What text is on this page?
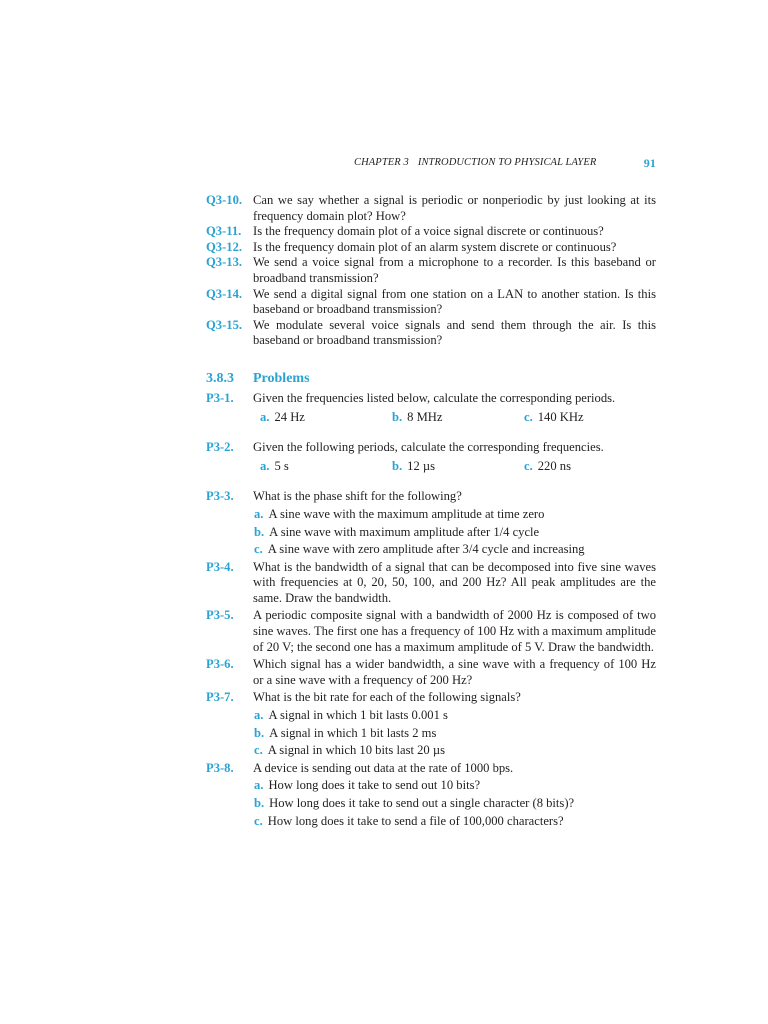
CHAPTER 3 INTRODUCTION TO PHYSICAL LAYER	91

Q3-10. Can we say whether a signal is periodic or nonperiodic by just looking at its frequency domain plot? How?

Q3-11. Is the frequency domain plot of a voice signal discrete or continuous?

Q3-12. Is the frequency domain plot of an alarm system discrete or continuous?

Q3-13. We send a voice signal from a microphone to a recorder. Is this baseband or broadband transmission?

Q3-14. We send a digital signal from one station on a LAN to another station. Is this baseband or broadband transmission?

Q3-15. We modulate several voice signals and send them through the air. Is this baseband or broadband transmission?

3.8.3 Problems

P3-1. Given the frequencies listed below, calculate the corresponding periods.

a. 24 Hz	b. 8 MHz	c. 140 KHz

P3-2. Given the following periods, calculate the corresponding frequencies.

a. 5 s	b. 12 µs	c. 220 ns

P3-3. What is the phase shift for the following?

a. A sine wave with the maximum amplitude at time zero
b. A sine wave with maximum amplitude after 1/4 cycle
c. A sine wave with zero amplitude after 3/4 cycle and increasing

P3-4. What is the bandwidth of a signal that can be decomposed into five sine waves with frequencies at 0, 20, 50, 100, and 200 Hz? All peak amplitudes are the same. Draw the bandwidth.

P3-5. A periodic composite signal with a bandwidth of 2000 Hz is composed of two sine waves. The first one has a frequency of 100 Hz with a maximum amplitude of 20 V; the second one has a maximum amplitude of 5 V. Draw the bandwidth.

P3-6. Which signal has a wider bandwidth, a sine wave with a frequency of 100 Hz or a sine wave with a frequency of 200 Hz?

P3-7. What is the bit rate for each of the following signals?

a. A signal in which 1 bit lasts 0.001 s
b. A signal in which 1 bit lasts 2 ms
c. A signal in which 10 bits last 20 µs

P3-8. A device is sending out data at the rate of 1000 bps.

a. How long does it take to send out 10 bits?
b. How long does it take to send out a single character (8 bits)?
c. How long does it take to send a file of 100,000 characters?
